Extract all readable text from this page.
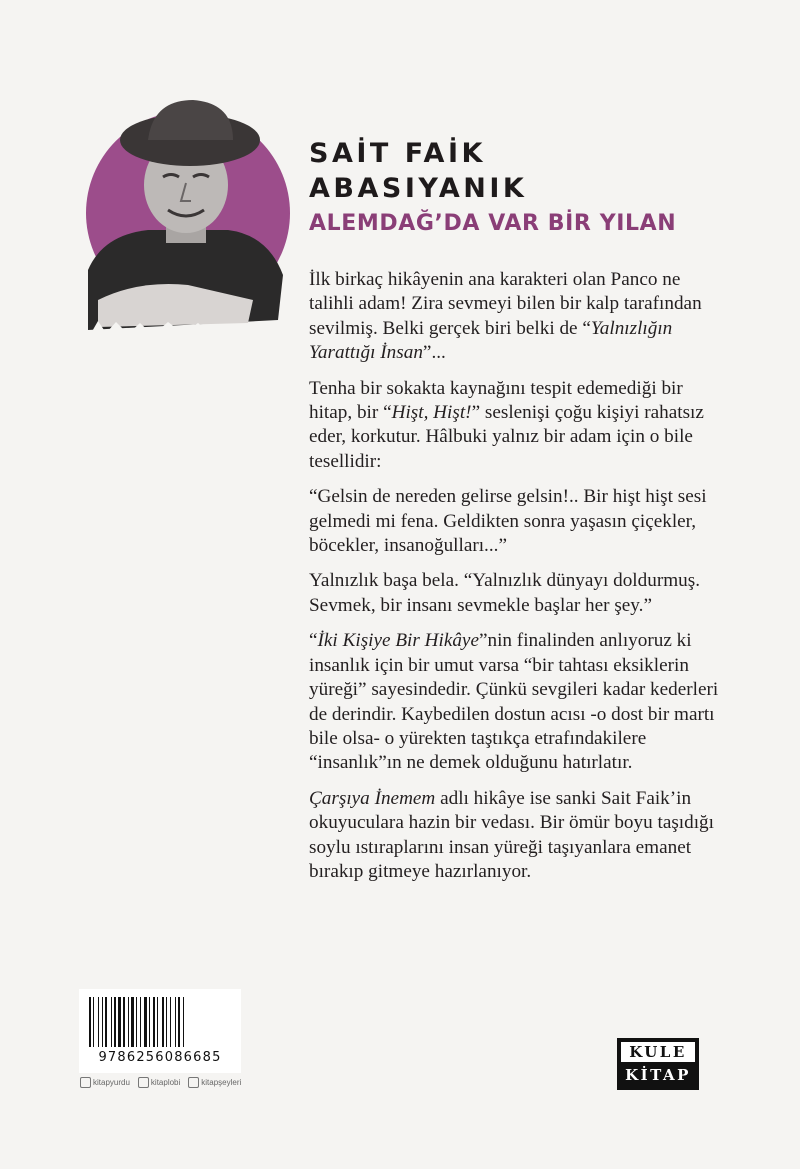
SAİT FAİK
ABASIYANIK
ALEMDAĞ’DA VAR BİR YILAN

İlk birkaç hikâyenin ana karakteri olan Panco ne talihli adam! Zira sevmeyi bilen bir kalp tarafından sevilmiş. Belki gerçek biri belki de “Yalnızlığın Yarattığı İnsan”...

Tenha bir sokakta kaynağını tespit edemediği bir hitap, bir “Hişt, Hişt!” seslenişi çoğu kişiyi rahatsız eder, korkutur. Hâlbuki yalnız bir adam için o bile tesellidir:

“Gelsin de nereden gelirse gelsin!.. Bir hişt hişt sesi gelmedi mi fena. Geldikten sonra yaşasın çiçekler, böcekler, insanoğulları...”

Yalnızlık başa bela. “Yalnızlık dünyayı doldurmuş. Sevmek, bir insanı sevmekle başlar her şey.”

“İki Kişiye Bir Hikâye”nin finalinden anlıyoruz ki insanlık için bir umut varsa “bir tahtası eksiklerin yüreği” sayesindedir. Çünkü sevgileri kadar kederleri de derindir. Kaybedilen dostun acısı -o dost bir martı bile olsa- o yürekten taştıkça etrafındakilere “insanlık”ın ne demek olduğunu hatırlatır.

Çarşıya İnemem adlı hikâye ise sanki Sait Faik’in okuyuculara hazin bir vedası. Bir ömür boyu taşıdığı soylu ıstıraplarını insan yüreği taşıyanlara emanet bırakıp gitmeye hazırlanıyor.

9786256086685
kitapyurdu	kitaplobi	kitapşeyleri
KULE
KİTAP
